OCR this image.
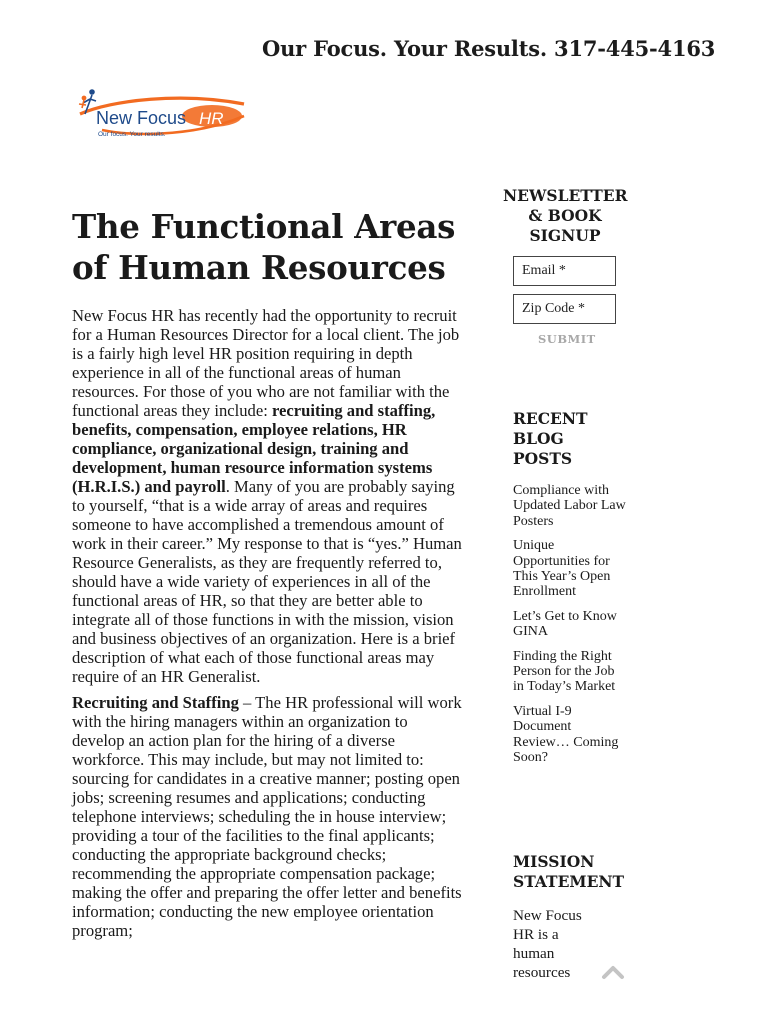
Our Focus. Your Results. 317-445-4163
New Focus HR
Our focus. Your results.
The Functional Areas of Human Resources

New Focus HR has recently had the opportunity to recruit for a Human Resources Director for a local client. The job is a fairly high level HR position requiring in depth experience in all of the functional areas of human resources. For those of you who are not familiar with the functional areas they include: recruiting and staffing, benefits, compensation, employee relations, HR compliance, organizational design, training and development, human resource information systems (H.R.I.S.) and payroll. Many of you are probably saying to yourself, “that is a wide array of areas and requires someone to have accomplished a tremendous amount of work in their career.” My response to that is “yes.” Human Resource Generalists, as they are frequently referred to, should have a wide variety of experiences in all of the functional areas of HR, so that they are better able to integrate all of those functions in with the mission, vision and business objectives of an organization. Here is a brief description of what each of those functional areas may require of an HR Generalist.

Recruiting and Staffing – The HR professional will work with the hiring managers within an organization to develop an action plan for the hiring of a diverse workforce. This may include, but may not limited to: sourcing for candidates in a creative manner; posting open jobs; screening resumes and applications; conducting telephone interviews; scheduling the in house interview; providing a tour of the facilities to the final applicants; conducting the appropriate background checks; recommending the appropriate compensation package; making the offer and preparing the offer letter and benefits information; conducting the new employee orientation program;

NEWSLETTER & BOOK SIGNUP
Email *
Zip Code *
SUBMIT
RECENT BLOG POSTS
Compliance with Updated Labor Law Posters
Unique Opportunities for This Year’s Open Enrollment
Let’s Get to Know GINA
Finding the Right Person for the Job in Today’s Market
Virtual I-9 Document Review… Coming Soon?
MISSION STATEMENT

New Focus HR is a human resources
